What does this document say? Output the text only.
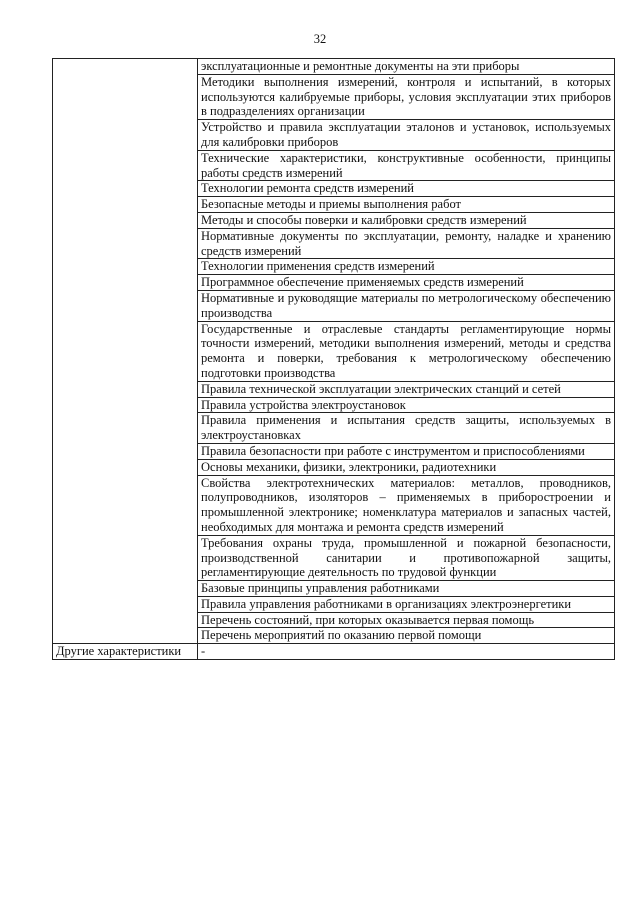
32
	эксплуатационные и ремонтные документы на эти приборы
	Методики выполнения измерений, контроля и испытаний, в которых используются калибруемые приборы, условия эксплуатации этих приборов в подразделениях организации
	Устройство и правила эксплуатации эталонов и установок, используемых для калибровки приборов
	Технические характеристики, конструктивные особенности, принципы работы средств измерений
	Технологии ремонта средств измерений
	Безопасные методы и приемы выполнения работ
	Методы и способы поверки и калибровки средств измерений
	Нормативные документы по эксплуатации, ремонту, наладке и хранению средств измерений
	Технологии применения средств измерений
	Программное обеспечение применяемых средств измерений
	Нормативные и руководящие материалы по метрологическому обеспечению производства
	Государственные и отраслевые стандарты регламентирующие нормы точности измерений, методики выполнения измерений, методы и средства ремонта и поверки, требования к метрологическому обеспечению подготовки производства
	Правила технической эксплуатации электрических станций и сетей
	Правила устройства электроустановок
	Правила применения и испытания средств защиты, используемых в электроустановках
	Правила безопасности при работе с инструментом и приспособлениями
	Основы механики, физики, электроники, радиотехники
	Свойства электротехнических материалов: металлов, проводников, полупроводников, изоляторов – применяемых в приборостроении и промышленной электронике; номенклатура материалов и запасных частей, необходимых для монтажа и ремонта средств измерений
	Требования охраны труда, промышленной и пожарной безопасности, производственной санитарии и противопожарной защиты, регламентирующие деятельность по трудовой функции
	Базовые принципы управления работниками
	Правила управления работниками в организациях электроэнергетики
	Перечень состояний, при которых оказывается первая помощь
	Перечень мероприятий по оказанию первой помощи
Другие характеристики	-
